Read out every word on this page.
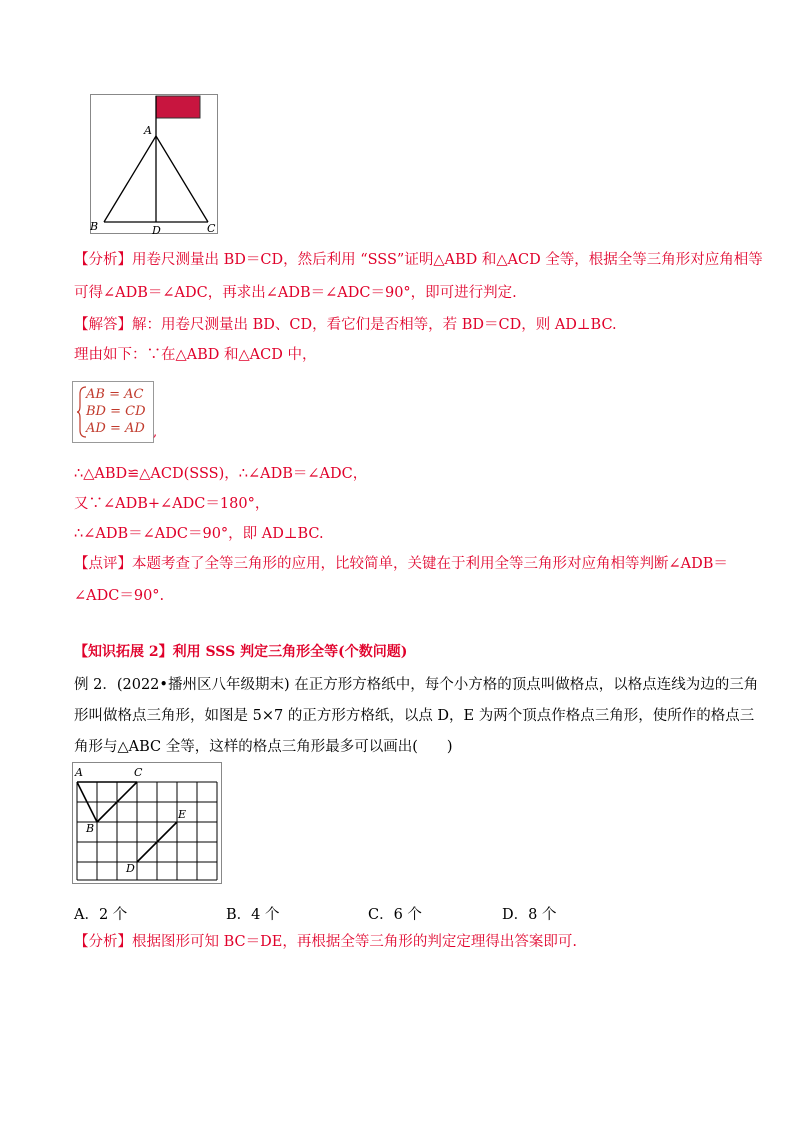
A
B	C
D
【分析】用卷尺测量出 BD＝CD，然后利用 “SSS”证明△ABD 和△ACD 全等，根据全等三角形对应角相等
可得∠ADB＝∠ADC，再求出∠ADB＝∠ADC＝90°，即可进行判定.
【解答】解：用卷尺测量出 BD、CD，看它们是否相等，若 BD＝CD，则 AD⊥BC.
理由如下：∵在△ABD 和△ACD 中，
AB = AC
BD = CD
AD = AD ,
∴△ABD≌△ACD(SSS)，∴∠ADB＝∠ADC，
又∵∠ADB+∠ADC＝180°，
∴∠ADB＝∠ADC＝90°，即 AD⊥BC.
【点评】本题考查了全等三角形的应用，比较简单，关键在于利用全等三角形对应角相等判断∠ADB＝
∠ADC＝90°.
【知识拓展 2】利用 SSS 判定三角形全等(个数问题)
例 2．(2022•播州区八年级期末) 在正方形方格纸中，每个小方格的顶点叫做格点，以格点连线为边的三角
形叫做格点三角形，如图是 5×7 的正方形方格纸，以点 D，E 为两个顶点作格点三角形，使所作的格点三
角形与△ABC 全等，这样的格点三角形最多可以画出(　　)
A
B
C
D
E
A．2 个	B．4 个	C．6 个	D．8 个
【分析】根据图形可知 BC＝DE，再根据全等三角形的判定定理得出答案即可.
